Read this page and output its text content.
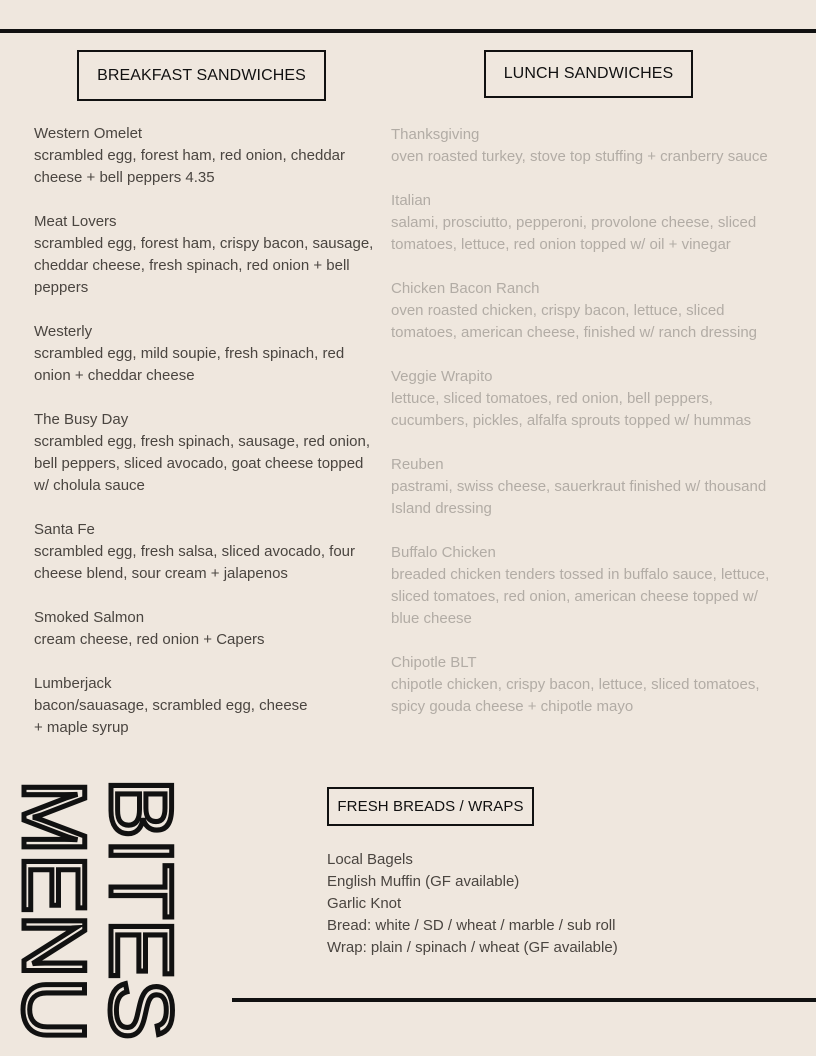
BREAKFAST SANDWICHES	LUNCH SANDWICHES
Western Omelet
scrambled egg, forest ham, red onion, cheddar cheese + bell peppers 4.35
Meat Lovers
scrambled egg, forest ham, crispy bacon, sausage, cheddar cheese, fresh spinach, red onion + bell peppers
Westerly
scrambled egg, mild soupie, fresh spinach, red onion + cheddar cheese
The Busy Day
scrambled egg, fresh spinach, sausage, red onion, bell peppers, sliced avocado, goat cheese topped w/ cholula sauce
Santa Fe
scrambled egg, fresh salsa, sliced avocado, four cheese blend, sour cream + jalapenos
Smoked Salmon
cream cheese, red onion + Capers
Lumberjack
bacon/sauasage, scrambled egg, cheese + maple syrup
Thanksgiving
oven roasted turkey, stove top stuffing + cranberry sauce
Italian
salami, prosciutto, pepperoni, provolone cheese, sliced tomatoes, lettuce, red onion topped w/ oil + vinegar
Chicken Bacon Ranch
oven roasted chicken, crispy bacon, lettuce, sliced tomatoes, american cheese, finished w/ ranch dressing
Veggie Wrapito
lettuce, sliced tomatoes, red onion, bell peppers, cucumbers, pickles, alfalfa sprouts topped w/ hummas
Reuben
pastrami, swiss cheese, sauerkraut finished w/ thousand Island dressing
Buffalo Chicken
breaded chicken tenders tossed in buffalo sauce, lettuce, sliced tomatoes, red onion, american cheese topped w/ blue cheese
Chipotle BLT
chipotle chicken, crispy bacon, lettuce, sliced tomatoes, spicy gouda cheese + chipotle mayo
BITES
MENU	FRESH BREADS / WRAPS
Local Bagels
English Muffin (GF available)
Garlic Knot
Bread: white / SD / wheat / marble / sub roll
Wrap: plain / spinach / wheat (GF available)
